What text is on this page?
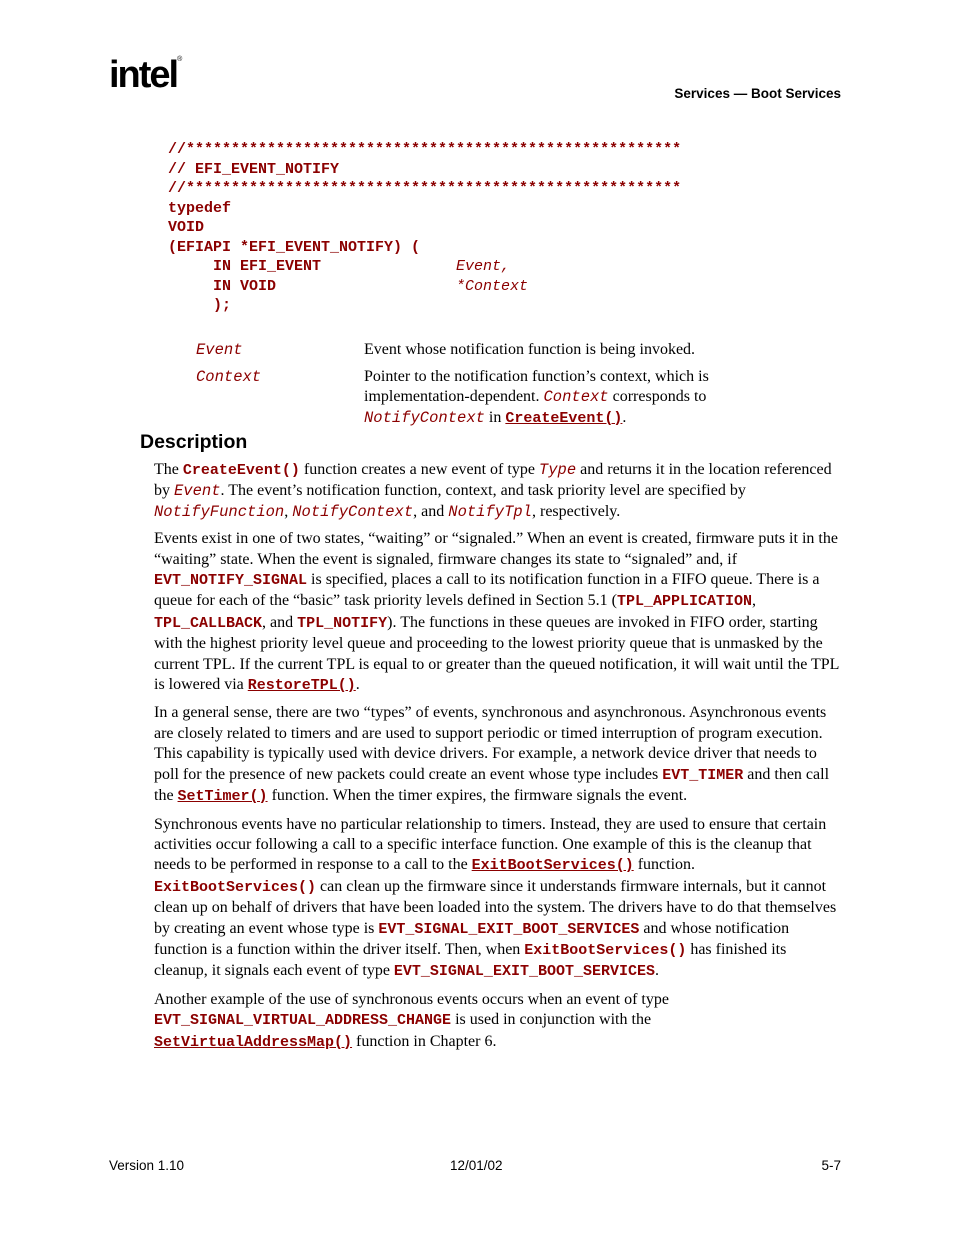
intel®
Services — Boot Services
//*******************************************************
// EFI_EVENT_NOTIFY
//*******************************************************
typedef
VOID
(EFIAPI *EFI_EVENT_NOTIFY) (
IN EFI_EVENT               Event,
IN VOID                    *Context
);
Event	Event whose notification function is being invoked.
Context	Pointer to the notification function’s context, which is implementation-dependent. Context corresponds to NotifyContext in CreateEvent().
Description

The CreateEvent() function creates a new event of type Type and returns it in the location referenced by Event. The event’s notification function, context, and task priority level are specified by NotifyFunction, NotifyContext, and NotifyTpl, respectively.

Events exist in one of two states, “waiting” or “signaled.” When an event is created, firmware puts it in the “waiting” state. When the event is signaled, firmware changes its state to “signaled” and, if EVT_NOTIFY_SIGNAL is specified, places a call to its notification function in a FIFO queue. There is a queue for each of the “basic” task priority levels defined in Section 5.1 (TPL_APPLICATION, TPL_CALLBACK, and TPL_NOTIFY). The functions in these queues are invoked in FIFO order, starting with the highest priority level queue and proceeding to the lowest priority queue that is unmasked by the current TPL. If the current TPL is equal to or greater than the queued notification, it will wait until the TPL is lowered via RestoreTPL().

In a general sense, there are two “types” of events, synchronous and asynchronous. Asynchronous events are closely related to timers and are used to support periodic or timed interruption of program execution. This capability is typically used with device drivers. For example, a network device driver that needs to poll for the presence of new packets could create an event whose type includes EVT_TIMER and then call the SetTimer() function. When the timer expires, the firmware signals the event.

Synchronous events have no particular relationship to timers. Instead, they are used to ensure that certain activities occur following a call to a specific interface function. One example of this is the cleanup that needs to be performed in response to a call to the ExitBootServices() function. ExitBootServices() can clean up the firmware since it understands firmware internals, but it cannot clean up on behalf of drivers that have been loaded into the system. The drivers have to do that themselves by creating an event whose type is EVT_SIGNAL_EXIT_BOOT_SERVICES and whose notification function is a function within the driver itself. Then, when ExitBootServices() has finished its cleanup, it signals each event of type EVT_SIGNAL_EXIT_BOOT_SERVICES.

Another example of the use of synchronous events occurs when an event of type EVT_SIGNAL_VIRTUAL_ADDRESS_CHANGE is used in conjunction with the SetVirtualAddressMap() function in Chapter 6.

Version 1.10	12/01/02	5-7
